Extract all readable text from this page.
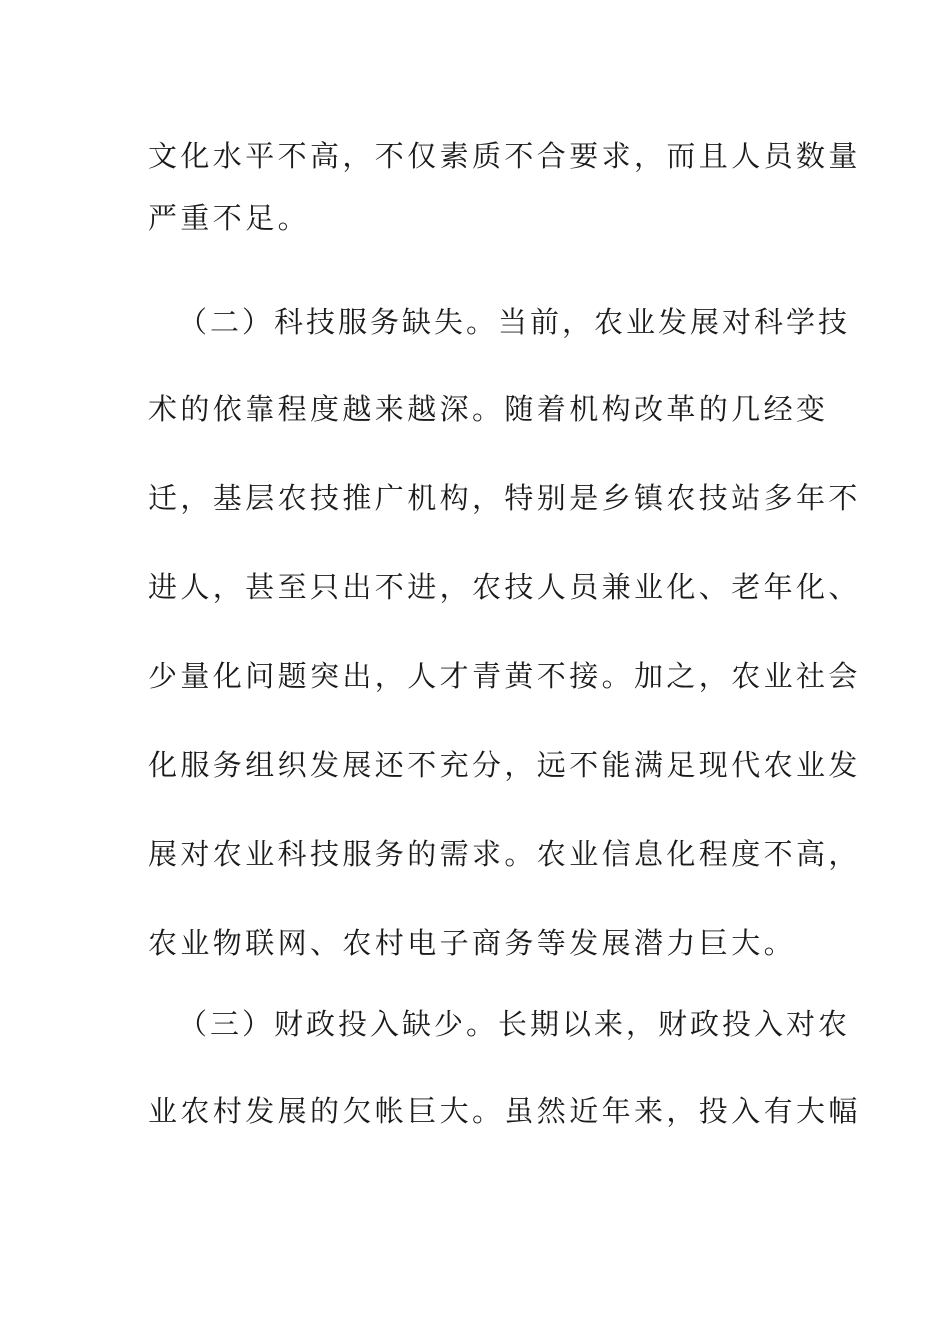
文化水平不高，不仅素质不合要求，而且人员数量
严重不足。
（二）科技服务缺失。当前，农业发展对科学技
术的依靠程度越来越深。随着机构改革的几经变
迁，基层农技推广机构，特别是乡镇农技站多年不
进人，甚至只出不进，农技人员兼业化、老年化、
少量化问题突出，人才青黄不接。加之，农业社会
化服务组织发展还不充分，远不能满足现代农业发
展对农业科技服务的需求。农业信息化程度不高，
农业物联网、农村电子商务等发展潜力巨大。
（三）财政投入缺少。长期以来，财政投入对农
业农村发展的欠帐巨大。虽然近年来，投入有大幅
